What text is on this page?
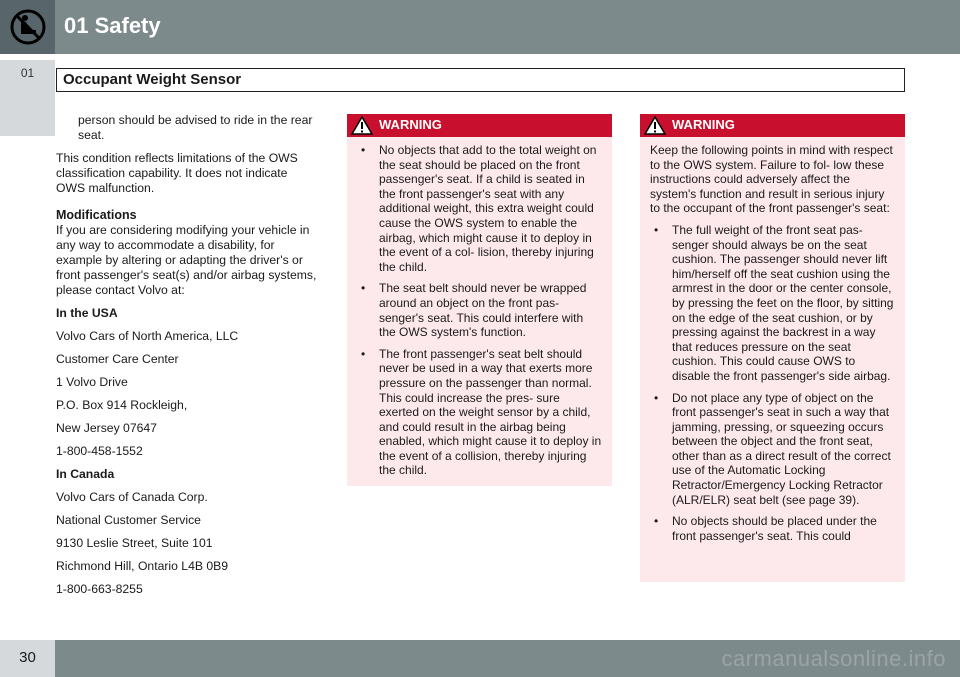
01 Safety
01	Occupant Weight Sensor

person should be advised to ride in the rear seat.

This condition reflects limitations of the OWS classification capability. It does not indicate OWS malfunction.

Modifications

If you are considering modifying your vehicle in any way to accommodate a disability, for example by altering or adapting the driver's or front passenger's seat(s) and/or airbag systems, please contact Volvo at:

In the USA

Volvo Cars of North America, LLC

Customer Care Center

1 Volvo Drive

P.O. Box 914 Rockleigh,

New Jersey 07647

1-800-458-1552

In Canada

Volvo Cars of Canada Corp.

National Customer Service

9130 Leslie Street, Suite 101

Richmond Hill, Ontario L4B 0B9

1-800-663-8255

WARNING
• No objects that add to the total weight on the seat should be placed on the front passenger's seat. If a child is seated in the front passenger's seat with any additional weight, this extra weight could cause the OWS system to enable the airbag, which might cause it to deploy in the event of a col- lision, thereby injuring the child.
• The seat belt should never be wrapped around an object on the front pas- senger's seat. This could interfere with the OWS system's function.
• The front passenger's seat belt should never be used in a way that exerts more pressure on the passenger than normal. This could increase the pres- sure exerted on the weight sensor by a child, and could result in the airbag being enabled, which might cause it to deploy in the event of a collision, thereby injuring the child.
WARNING

Keep the following points in mind with respect to the OWS system. Failure to fol- low these instructions could adversely affect the system's function and result in serious injury to the occupant of the front passenger's seat:

• The full weight of the front seat pas- senger should always be on the seat cushion. The passenger should never lift him/herself off the seat cushion using the armrest in the door or the center console, by pressing the feet on the floor, by sitting on the edge of the seat cushion, or by pressing against the backrest in a way that reduces pressure on the seat cushion. This could cause OWS to disable the front passenger's side airbag.
• Do not place any type of object on the front passenger's seat in such a way that jamming, pressing, or squeezing occurs between the object and the front seat, other than as a direct result of the correct use of the Automatic Locking Retractor/Emergency Locking Retractor (ALR/ELR) seat belt (see page 39).
• No objects should be placed under the front passenger's seat. This could
30	carmanualsonline.info
